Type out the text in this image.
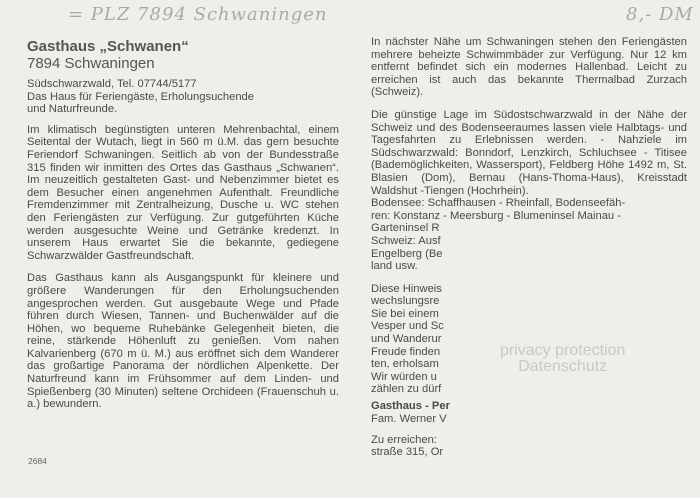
= PLZ 7894 Schwaningen	8,- DM
Gasthaus „Schwanen“
7894 Schwaningen
Südschwarzwald, Tel. 07744/5177
Das Haus für Feriengäste, Erholungsuchende
und Naturfreunde.

Im klimatisch begünstigten unteren Mehrenbachtal, einem Seitental der Wutach, liegt in 560 m ü.M. das gern besuchte Feriendorf Schwaningen. Seitlich ab von der Bundesstraße 315 finden wir inmitten des Ortes das Gasthaus „Schwanen“. Im neuzeitlich gestalteten Gast- und Nebenzimmer bietet es dem Besucher einen angenehmen Aufenthalt. Freundliche Fremdenzimmer mit Zentralheizung, Dusche u. WC stehen den Feriengästen zur Verfügung. Zur gutgeführten Küche werden ausgesuchte Weine und Getränke kredenzt. In unserem Haus erwartet Sie die bekannte, gediegene Schwarzwälder Gastfreundschaft.

Das Gasthaus kann als Ausgangspunkt für kleinere und größere Wanderungen für den Erholungsuchenden angesprochen werden. Gut ausgebaute Wege und Pfade führen durch Wiesen, Tannen- und Buchenwälder auf die Höhen, wo bequeme Ruhebänke Gelegenheit bieten, die reine, stärkende Höhenluft zu genießen. Vom nahen Kalvarienberg (670 m ü. M.) aus eröffnet sich dem Wanderer das großartige Panorama der nördlichen Alpenkette. Der Naturfreund kann im Frühsommer auf dem Linden- und Spießenberg (30 Minuten) seltene Orchideen (Frauenschuh u. a.) bewundern.

In nächster Nähe um Schwaningen stehen den Feriengästen mehrere beheizte Schwimmbäder zur Verfügung. Nur 12 km entfernt befindet sich ein modernes Hallenbad. Leicht zu erreichen ist auch das bekannte Thermalbad Zurzach (Schweiz).

Die günstige Lage im Südostschwarzwald in der Nähe der Schweiz und des Bodenseeraumes lassen viele Halbtags- und Tagesfahrten zu Erlebnissen werden. - Nahziele im Südschwarzwald: Bonndorf, Lenzkirch, Schluchsee - Titisee (Bademöglichkeiten, Wassersport), Feldberg Höhe 1492 m, St. Blasien (Dom), Bernau (Hans-Thoma-Haus), Kreisstadt Waldshut -Tiengen (Hochrhein).

Bodensee: Schaffhausen - Rheinfall, Bodenseefäh-
ren: Konstanz - Meersburg - Blumeninsel Mainau -
Garteninsel R
Schweiz: Ausf
Engelberg (Be
land usw.
Diese Hinweis
wechslungsre
Sie bei einem
Vesper und Sc
und Wanderur
Freude finden
ten, erholsam
Wir würden u
zählen zu dürf
Gasthaus - Per
Fam. Werner V
Zu erreichen:
straße 315, Or
privacy protection
Datenschutz
2684
